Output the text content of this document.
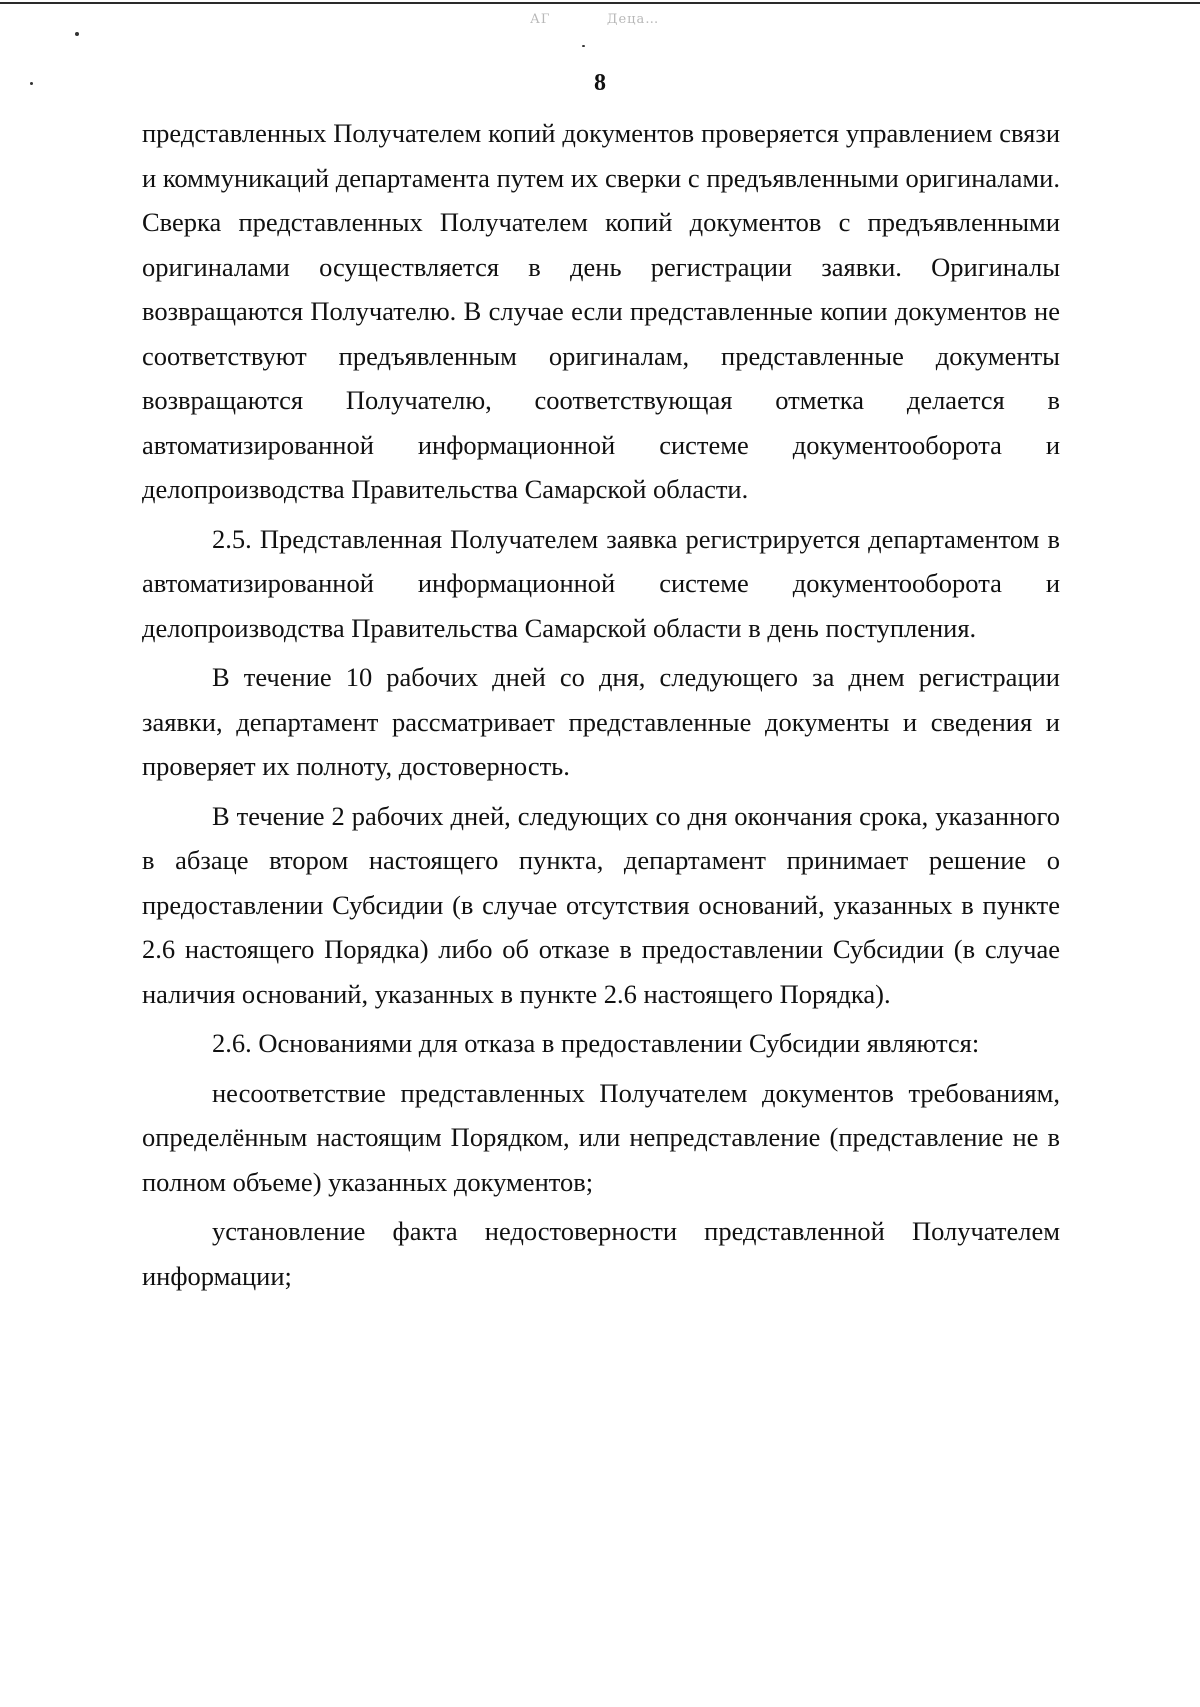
АГ           Деца…
8

представленных Получателем копий документов проверяется управлением связи и коммуникаций департамента путем их сверки с предъявленными оригиналами. Сверка представленных Получателем копий документов с предъявленными оригиналами осуществляется в день регистрации заявки. Оригиналы возвращаются Получателю. В случае если представленные копии документов не соответствуют предъявленным оригиналам, представленные документы возвращаются Получателю, соответствующая отметка делается в автоматизированной информационной системе документооборота и делопроизводства Правительства Самарской области.

2.5. Представленная Получателем заявка регистрируется департаментом в автоматизированной информационной системе документооборота и делопроизводства Правительства Самарской области в день поступления.

В течение 10 рабочих дней со дня, следующего за днем регистрации заявки, департамент рассматривает представленные документы и сведения и проверяет их полноту, достоверность.

В течение 2 рабочих дней, следующих со дня окончания срока, указанного в абзаце втором настоящего пункта, департамент принимает решение о предоставлении Субсидии (в случае отсутствия оснований, указанных в пункте 2.6 настоящего Порядка) либо об отказе в предоставлении Субсидии (в случае наличия оснований, указанных в пункте 2.6 настоящего Порядка).

2.6. Основаниями для отказа в предоставлении Субсидии являются:

несоответствие представленных Получателем документов требованиям, определённым настоящим Порядком, или непредставление (представление не в полном объеме) указанных документов;

установление факта недостоверности представленной Получателем информации;
